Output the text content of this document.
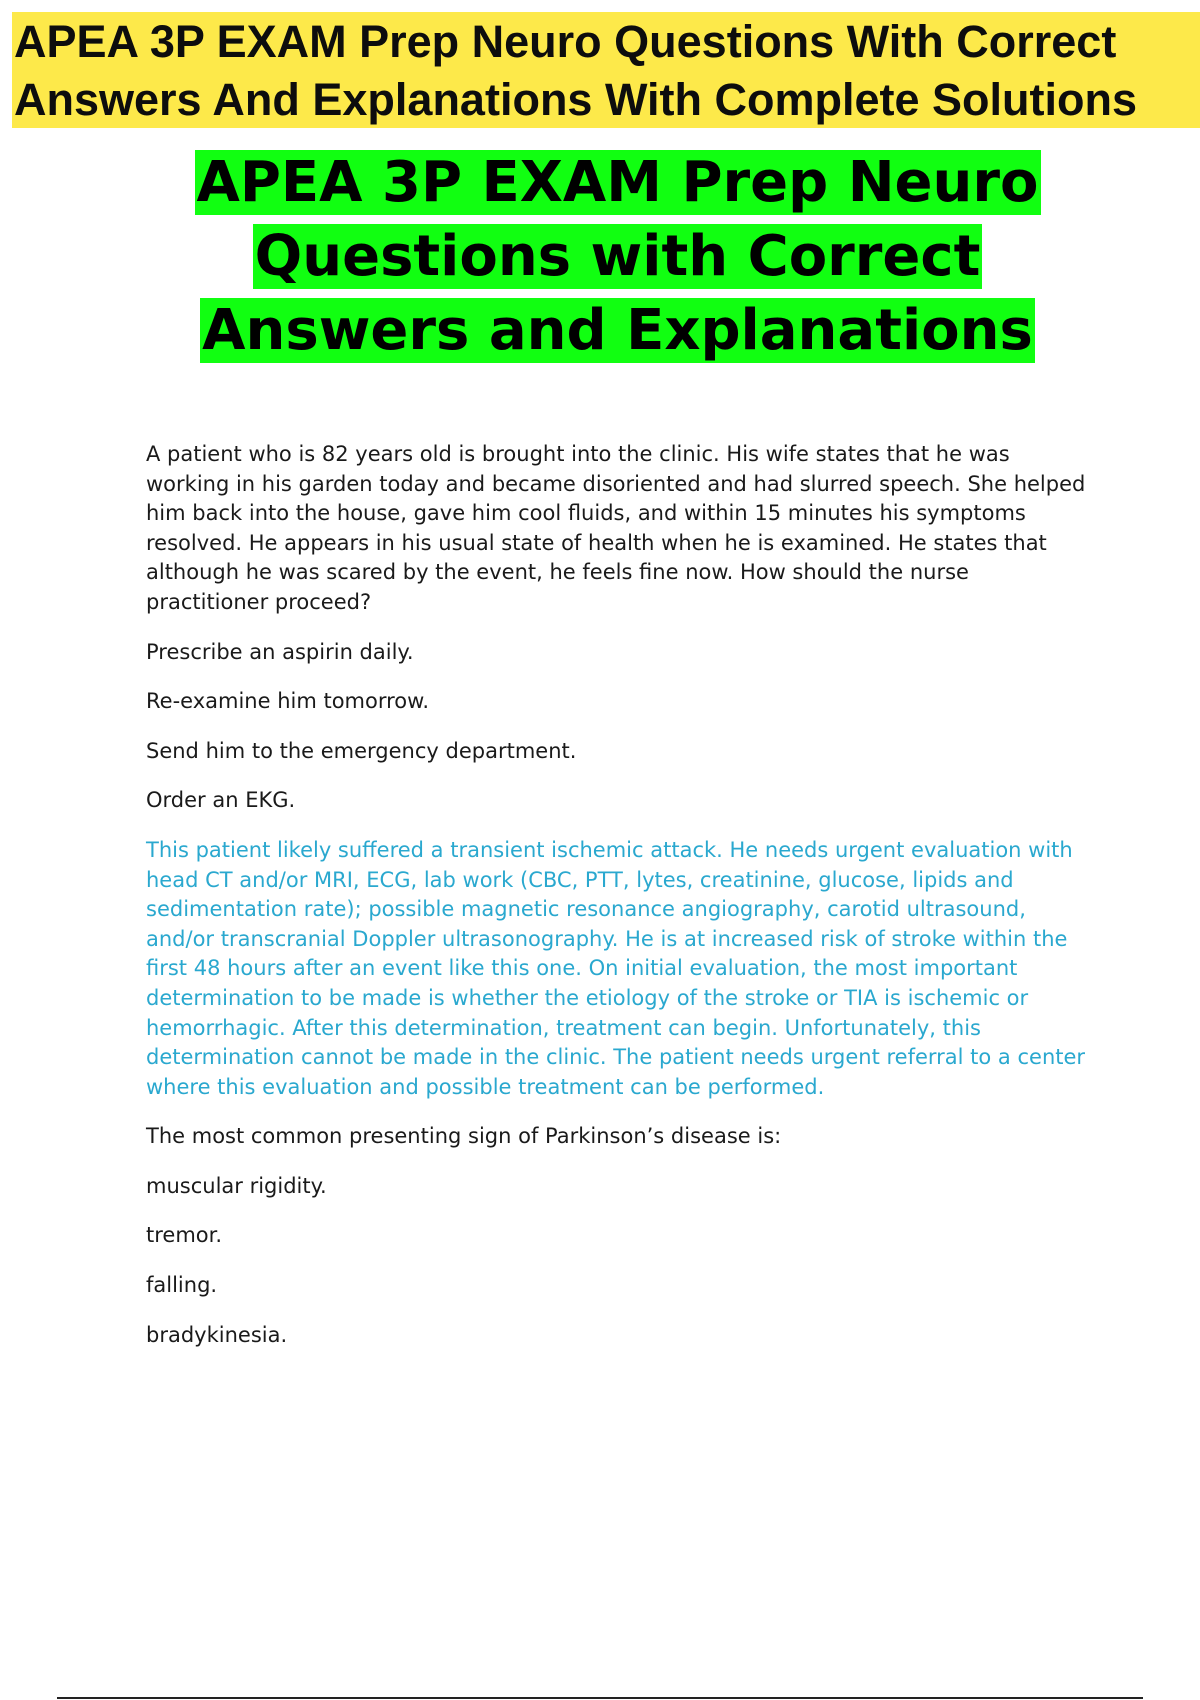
APEA 3P EXAM Prep Neuro Questions With Correct
Answers And Explanations With Complete Solutions
APEA 3P EXAM Prep Neuro
Questions with Correct
Answers and Explanations

A patient who is 82 years old is brought into the clinic. His wife states that he was working in his garden today and became disoriented and had slurred speech. She helped him back into the house, gave him cool fluids, and within 15 minutes his symptoms resolved. He appears in his usual state of health when he is examined. He states that although he was scared by the event, he feels fine now. How should the nurse practitioner proceed?

Prescribe an aspirin daily.

Re-examine him tomorrow.

Send him to the emergency department.

Order an EKG.

This patient likely suffered a transient ischemic attack. He needs urgent evaluation with head CT and/or MRI, ECG, lab work (CBC, PTT, lytes, creatinine, glucose, lipids and sedimentation rate); possible magnetic resonance angiography, carotid ultrasound, and/or transcranial Doppler ultrasonography. He is at increased risk of stroke within the first 48 hours after an event like this one. On initial evaluation, the most important determination to be made is whether the etiology of the stroke or TIA is ischemic or hemorrhagic. After this determination, treatment can begin. Unfortunately, this determination cannot be made in the clinic. The patient needs urgent referral to a center where this evaluation and possible treatment can be performed.

The most common presenting sign of Parkinson’s disease is:

muscular rigidity.

tremor.

falling.

bradykinesia.
